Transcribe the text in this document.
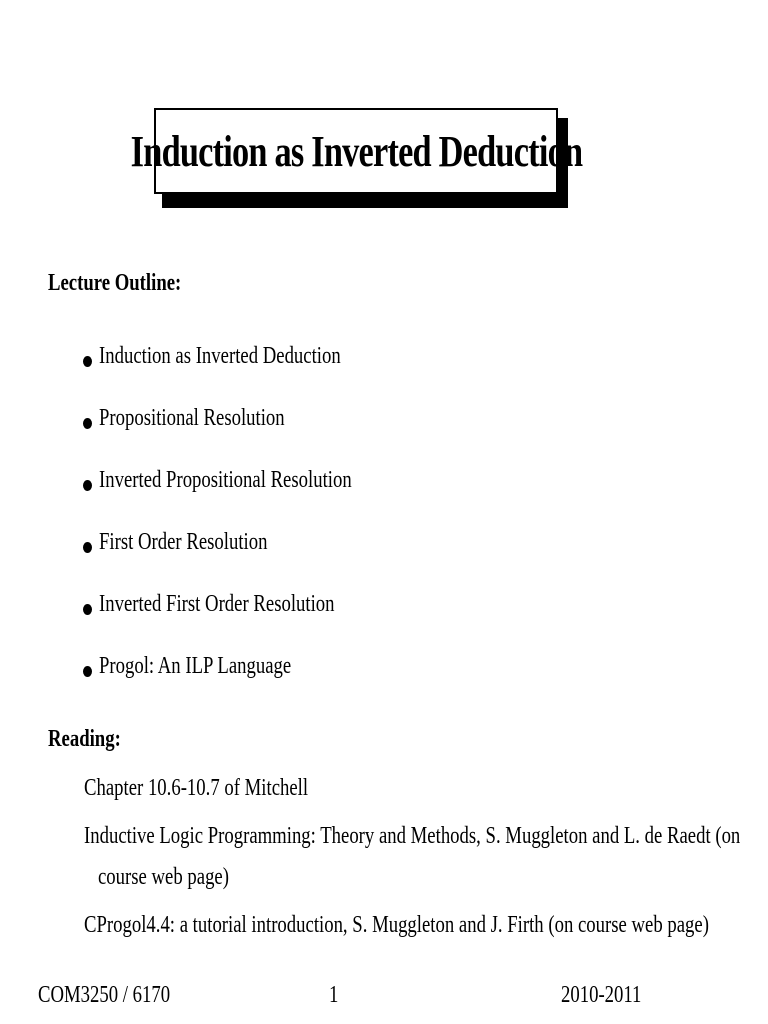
Induction as Inverted Deduction
Lecture Outline:
Induction as Inverted Deduction
Propositional Resolution
Inverted Propositional Resolution
First Order Resolution
Inverted First Order Resolution
Progol: An ILP Language
Reading:
Chapter 10.6-10.7 of Mitchell
Inductive Logic Programming: Theory and Methods, S. Muggleton and L. de Raedt (on
course web page)
CProgol4.4: a tutorial introduction, S. Muggleton and J. Firth (on course web page)
COM3250 / 6170	1	2010-2011
